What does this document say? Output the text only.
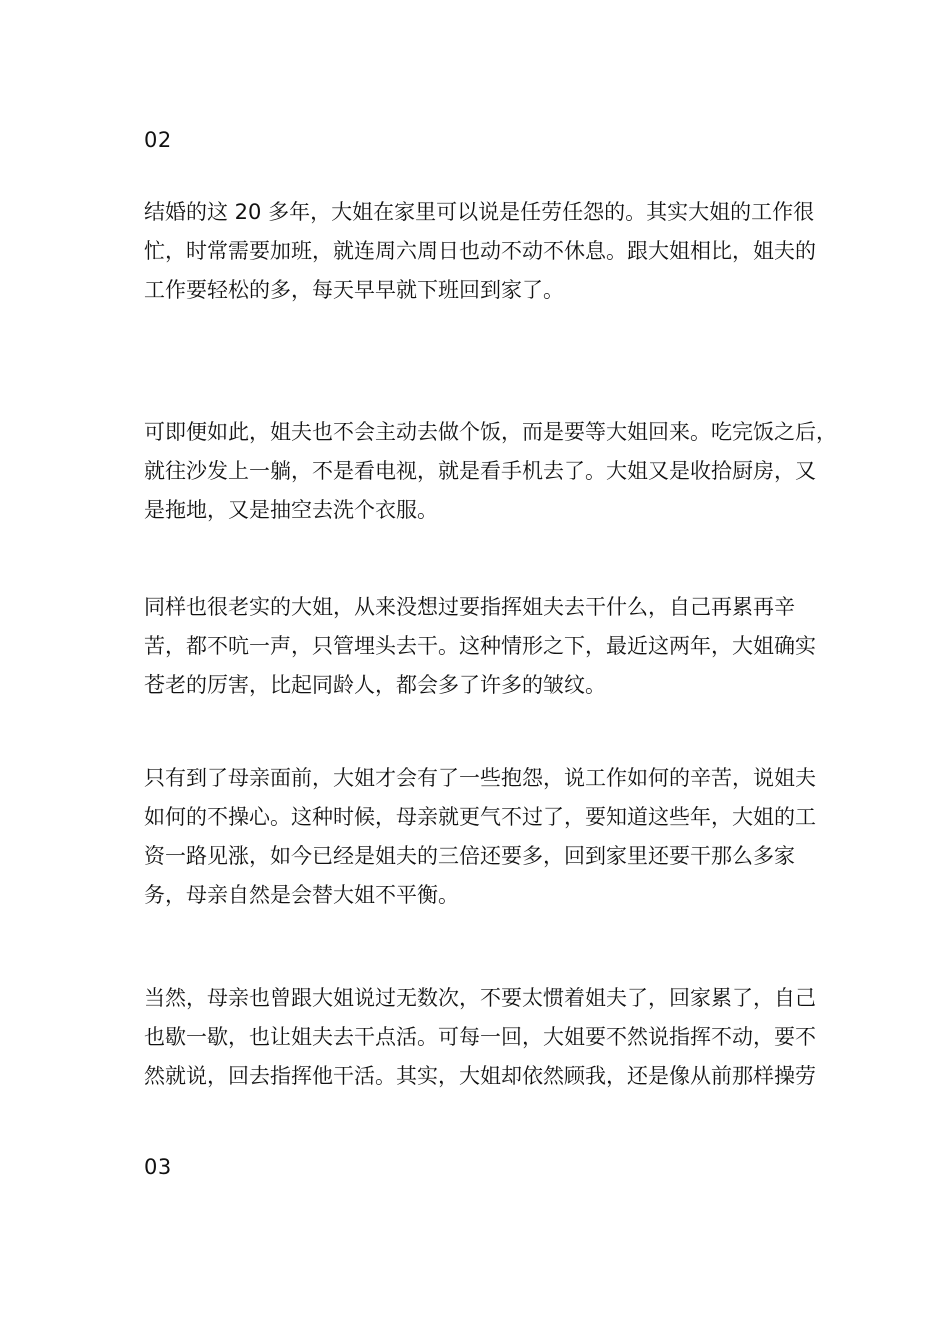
02
结婚的这 20 多年，大姐在家里可以说是任劳任怨的。其实大姐的工作很
忙，时常需要加班，就连周六周日也动不动不休息。跟大姐相比，姐夫的
工作要轻松的多，每天早早就下班回到家了。
可即便如此，姐夫也不会主动去做个饭，而是要等大姐回来。吃完饭之后，
就往沙发上一躺，不是看电视，就是看手机去了。大姐又是收拾厨房，又
是拖地，又是抽空去洗个衣服。
同样也很老实的大姐，从来没想过要指挥姐夫去干什么，自己再累再辛
苦，都不吭一声，只管埋头去干。这种情形之下，最近这两年，大姐确实
苍老的厉害，比起同龄人，都会多了许多的皱纹。
只有到了母亲面前，大姐才会有了一些抱怨，说工作如何的辛苦，说姐夫
如何的不操心。这种时候，母亲就更气不过了，要知道这些年，大姐的工
资一路见涨，如今已经是姐夫的三倍还要多，回到家里还要干那么多家
务，母亲自然是会替大姐不平衡。
当然，母亲也曾跟大姐说过无数次，不要太惯着姐夫了，回家累了，自己
也歇一歇，也让姐夫去干点活。可每一回，大姐要不然说指挥不动，要不
然就说，回去指挥他干活。其实，大姐却依然顾我，还是像从前那样操劳
03
